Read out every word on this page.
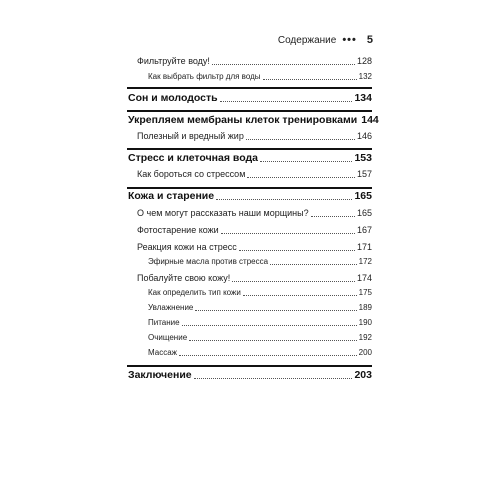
Содержание ••• 5
Фильтруйте воду!	128
Как выбрать фильтр для воды	132
Сон и молодость	134
Укрепляем мембраны клеток тренировками 144
Полезный и вредный жир	146
Стресс и клеточная вода	153
Как бороться со стрессом	157
Кожа и старение	165
О чем могут рассказать наши морщины?	165
Фотостарение кожи	167
Реакция кожи на стресс	171
Эфирные масла против стресса	172
Побалуйте свою кожу!	174
Как определить тип кожи	175
Увлажнение	189
Питание	190
Очищение	192
Массаж	200
Заключение	203
